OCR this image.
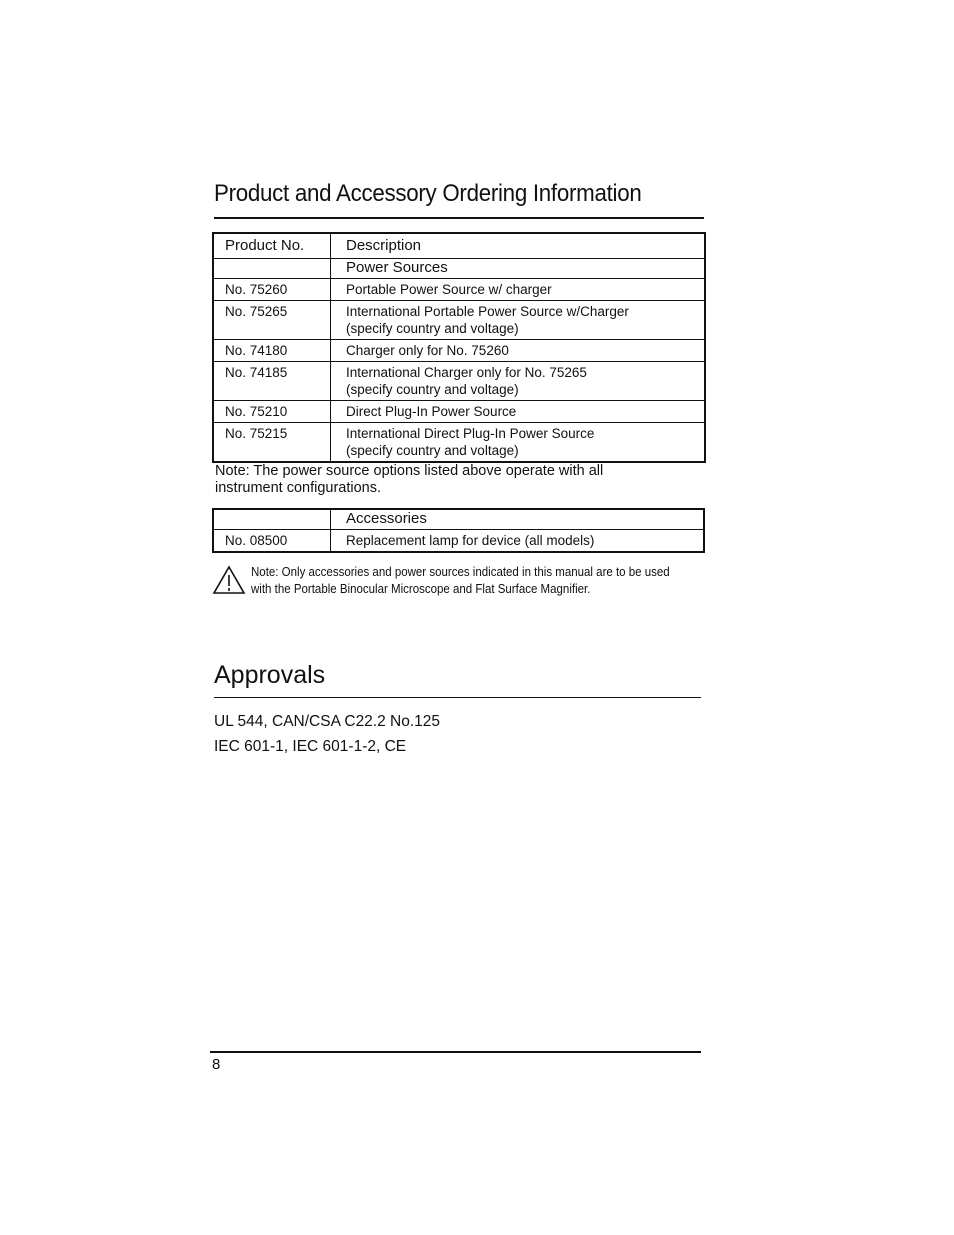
Product and Accessory Ordering Information
Product No.	Description
	Power Sources
No. 75260	Portable Power Source w/ charger
No. 75265	International Portable Power Source w/Charger
(specify country and voltage)

No. 74180	Charger only for No. 75260
No. 74185	International Charger only for No. 75265
(specify country and voltage)

No. 75210	Direct Plug-In Power Source
No. 75215	International Direct Plug-In Power Source
(specify country and voltage)
Note: The power source options listed above operate with all
instrument configurations.
	Accessories
No. 08500	Replacement lamp for device (all models)
Note: Only accessories and power sources indicated in this manual are to be used
with the Portable Binocular Microscope and Flat Surface Magnifier.
Approvals
UL 544, CAN/CSA C22.2 No.125
IEC 601-1, IEC 601-1-2, CE
8
